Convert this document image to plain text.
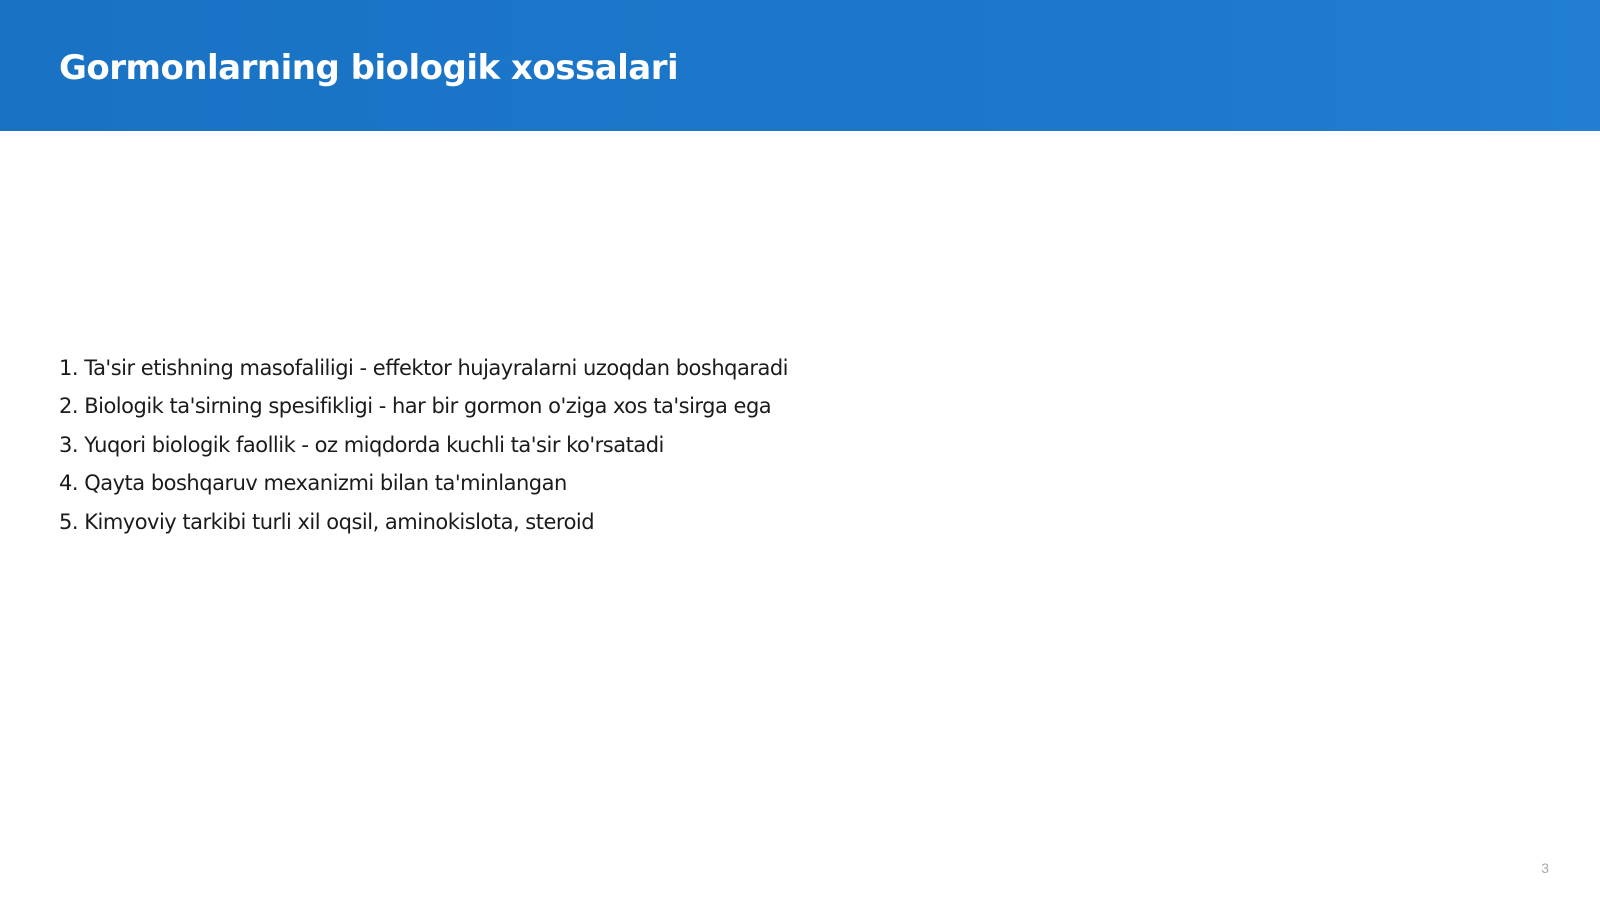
Gormonlarning biologik xossalari
1. Ta'sir etishning masofaliligi - effektor hujayralarni uzoqdan boshqaradi
2. Biologik ta'sirning spesifikligi - har bir gormon o'ziga xos ta'sirga ega
3. Yuqori biologik faollik - oz miqdorda kuchli ta'sir ko'rsatadi
4. Qayta boshqaruv mexanizmi bilan ta'minlangan
5. Kimyoviy tarkibi turli xil oqsil, aminokislota, steroid
3
